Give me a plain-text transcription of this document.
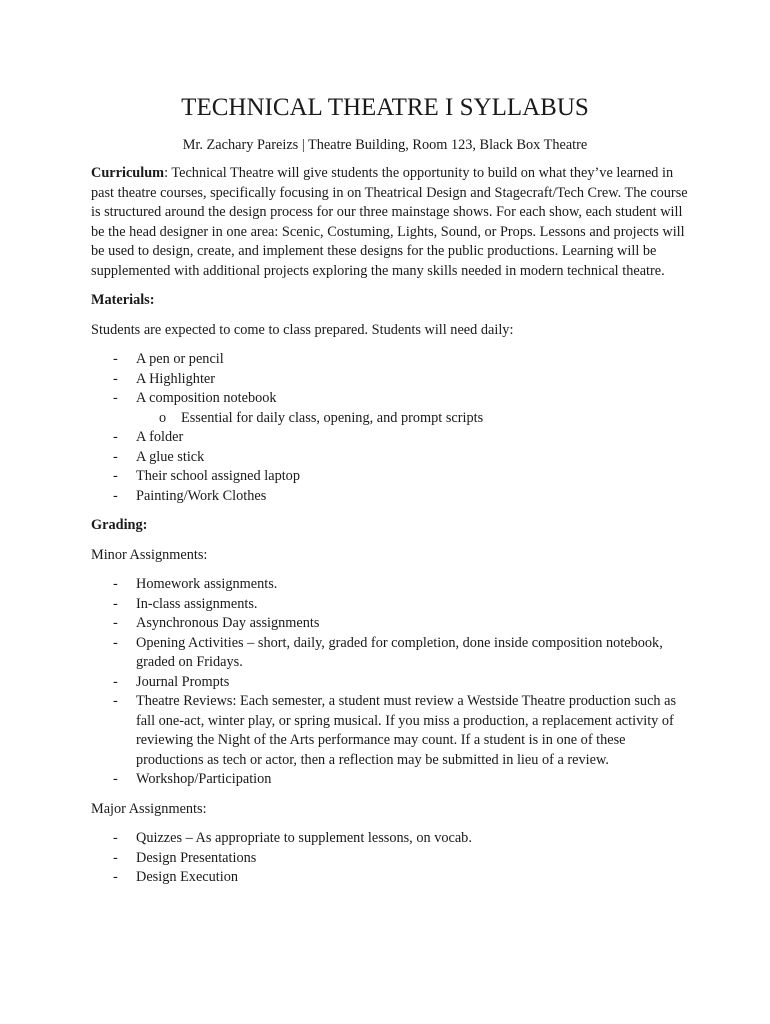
TECHNICAL THEATRE I SYLLABUS
Mr. Zachary Pareizs | Theatre Building, Room 123, Black Box Theatre

Curriculum: Technical Theatre will give students the opportunity to build on what they’ve learned in past theatre courses, specifically focusing in on Theatrical Design and Stagecraft/Tech Crew. The course is structured around the design process for our three mainstage shows. For each show, each student will be the head designer in one area: Scenic, Costuming, Lights, Sound, or Props. Lessons and projects will be used to design, create, and implement these designs for the public productions. Learning will be supplemented with additional projects exploring the many skills needed in modern technical theatre.

Materials:

Students are expected to come to class prepared. Students will need daily:

- A pen or pencil
- A Highlighter
- A composition notebook
o Essential for daily class, opening, and prompt scripts
- A folder
- A glue stick
- Their school assigned laptop
- Painting/Work Clothes

Grading:

Minor Assignments:

- Homework assignments.
- In-class assignments.
- Asynchronous Day assignments
- Opening Activities – short, daily, graded for completion, done inside composition notebook, graded on Fridays.
- Journal Prompts
- Theatre Reviews: Each semester, a student must review a Westside Theatre production such as fall one-act, winter play, or spring musical. If you miss a production, a replacement activity of reviewing the Night of the Arts performance may count. If a student is in one of these productions as tech or actor, then a reflection may be submitted in lieu of a review.
- Workshop/Participation

Major Assignments:

- Quizzes – As appropriate to supplement lessons, on vocab.
- Design Presentations
- Design Execution
